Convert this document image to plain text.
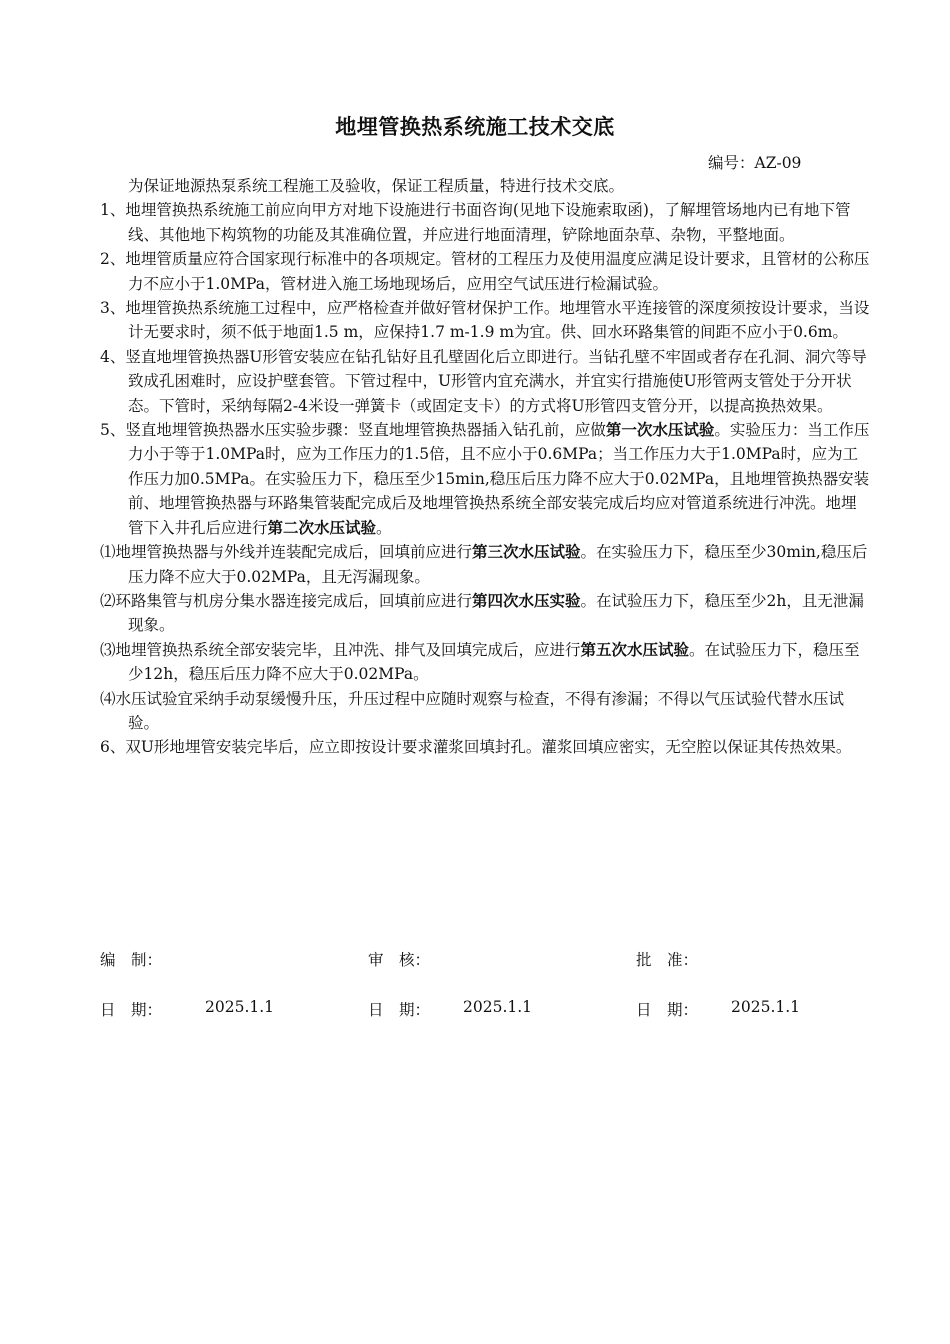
地埋管换热系统施工技术交底
编号：AZ-09

为保证地源热泵系统工程施工及验收，保证工程质量，特进行技术交底。

1、地埋管换热系统施工前应向甲方对地下设施进行书面咨询(见地下设施索取函)，了解埋管场地内已有地下管线、其他地下构筑物的功能及其准确位置，并应进行地面清理，铲除地面杂草、杂物，平整地面。

2、地埋管质量应符合国家现行标准中的各项规定。管材的工程压力及使用温度应满足设计要求，且管材的公称压力不应小于1.0MPa，管材进入施工场地现场后，应用空气试压进行检漏试验。

3、地埋管换热系统施工过程中，应严格检查并做好管材保护工作。地埋管水平连接管的深度须按设计要求，当设计无要求时，须不低于地面1.5 m，应保持1.7 m-1.9 m为宜。供、回水环路集管的间距不应小于0.6m。

4、竖直地埋管换热器U形管安装应在钻孔钻好且孔壁固化后立即进行。当钻孔壁不牢固或者存在孔洞、洞穴等导致成孔困难时，应设护壁套管。下管过程中，U形管内宜充满水，并宜实行措施使U形管两支管处于分开状态。下管时，采纳每隔2-4米设一弹簧卡（或固定支卡）的方式将U形管四支管分开，以提高换热效果。

5、竖直地埋管换热器水压实验步骤：竖直地埋管换热器插入钻孔前，应做第一次水压试验。实验压力：当工作压力小于等于1.0MPa时，应为工作压力的1.5倍，且不应小于0.6MPa；当工作压力大于1.0MPa时，应为工作压力加0.5MPa。在实验压力下，稳压至少15min,稳压后压力降不应大于0.02MPa，且地埋管换热器安装前、地埋管换热器与环路集管装配完成后及地埋管换热系统全部安装完成后均应对管道系统进行冲洗。地埋管下入井孔后应进行第二次水压试验。

⑴地埋管换热器与外线并连装配完成后，回填前应进行第三次水压试验。在实验压力下，稳压至少30min,稳压后压力降不应大于0.02MPa，且无泻漏现象。

⑵环路集管与机房分集水器连接完成后，回填前应进行第四次水压实验。在试验压力下，稳压至少2h，且无泄漏现象。

⑶地埋管换热系统全部安装完毕，且冲洗、排气及回填完成后，应进行第五次水压试验。在试验压力下，稳压至少12h，稳压后压力降不应大于0.02MPa。

⑷水压试验宜采纳手动泵缓慢升压，升压过程中应随时观察与检查，不得有渗漏；不得以气压试验代替水压试验。

6、双U形地埋管安装完毕后，应立即按设计要求灌浆回填封孔。灌浆回填应密实，无空腔以保证其传热效果。

编　制：	审　核：	批　准：
日　期：	2025.1.1	日　期： 2025.1.1	日　期： 2025.1.1
